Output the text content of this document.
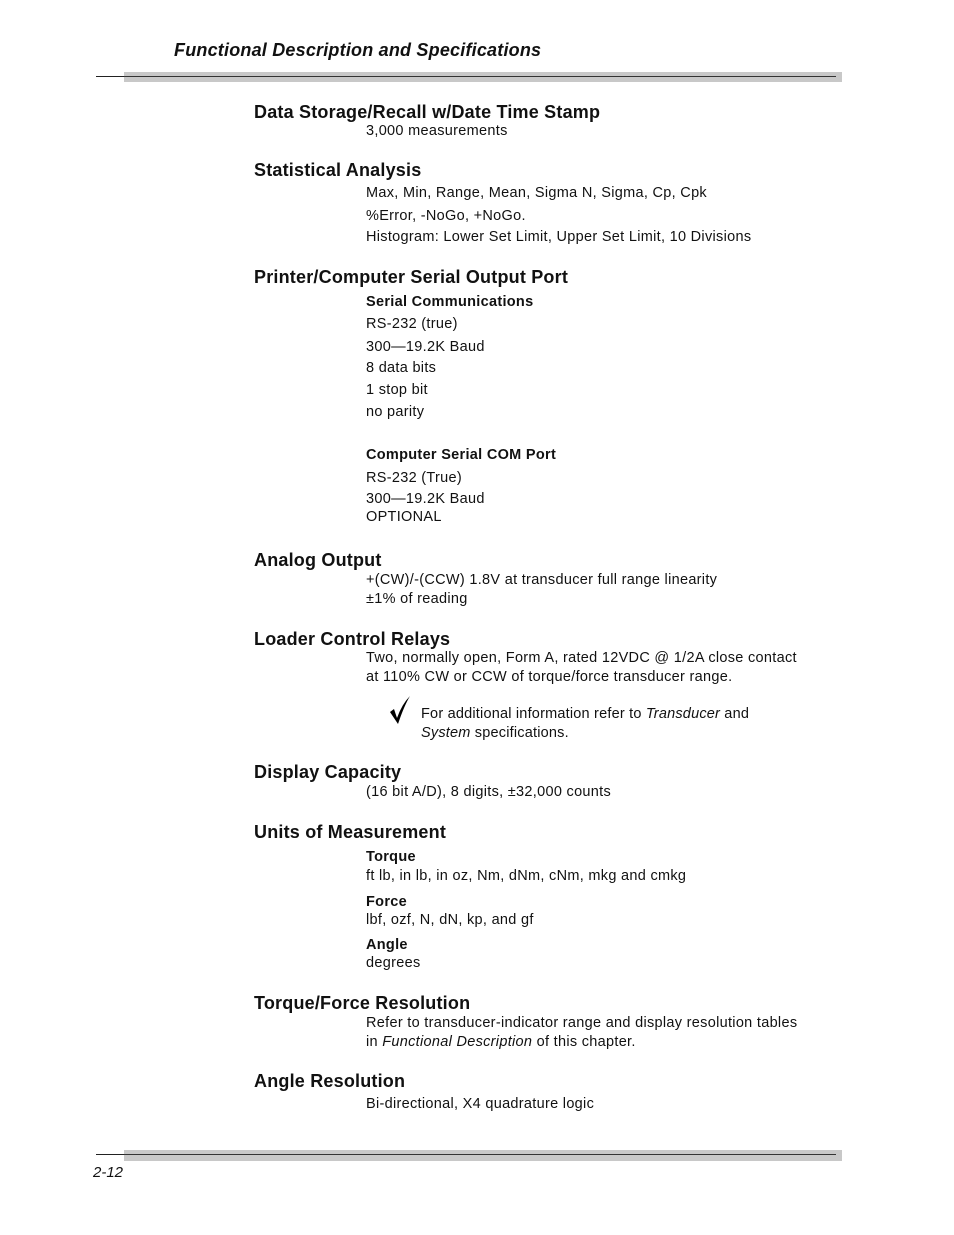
Functional Description and Specifications
Data Storage/Recall w/Date Time Stamp
3,000 measurements
Statistical Analysis
Max, Min, Range, Mean, Sigma N, Sigma, Cp, Cpk
%Error, -NoGo, +NoGo.
Histogram: Lower Set Limit, Upper Set Limit, 10 Divisions
Printer/Computer Serial Output Port
Serial Communications
RS-232 (true)
300—19.2K Baud
8 data bits
1 stop bit
no parity
Computer Serial COM Port
RS-232 (True)
300—19.2K Baud
OPTIONAL
Analog Output
+(CW)/-(CCW) 1.8V at transducer full range linearity
±1% of reading
Loader Control Relays
Two, normally open, Form A, rated 12VDC @ 1/2A close contact
at 110% CW or CCW of torque/force transducer range.
For additional information refer to Transducer and
System specifications.
Display Capacity
(16 bit A/D), 8 digits, ±32,000 counts
Units of Measurement
Torque
ft lb, in lb, in oz, Nm, dNm, cNm, mkg and cmkg
Force
lbf, ozf, N, dN, kp, and gf
Angle
degrees
Torque/Force Resolution
Refer to transducer-indicator range and display resolution tables
in Functional Description of this chapter.
Angle Resolution
Bi-directional, X4 quadrature logic
2-12
